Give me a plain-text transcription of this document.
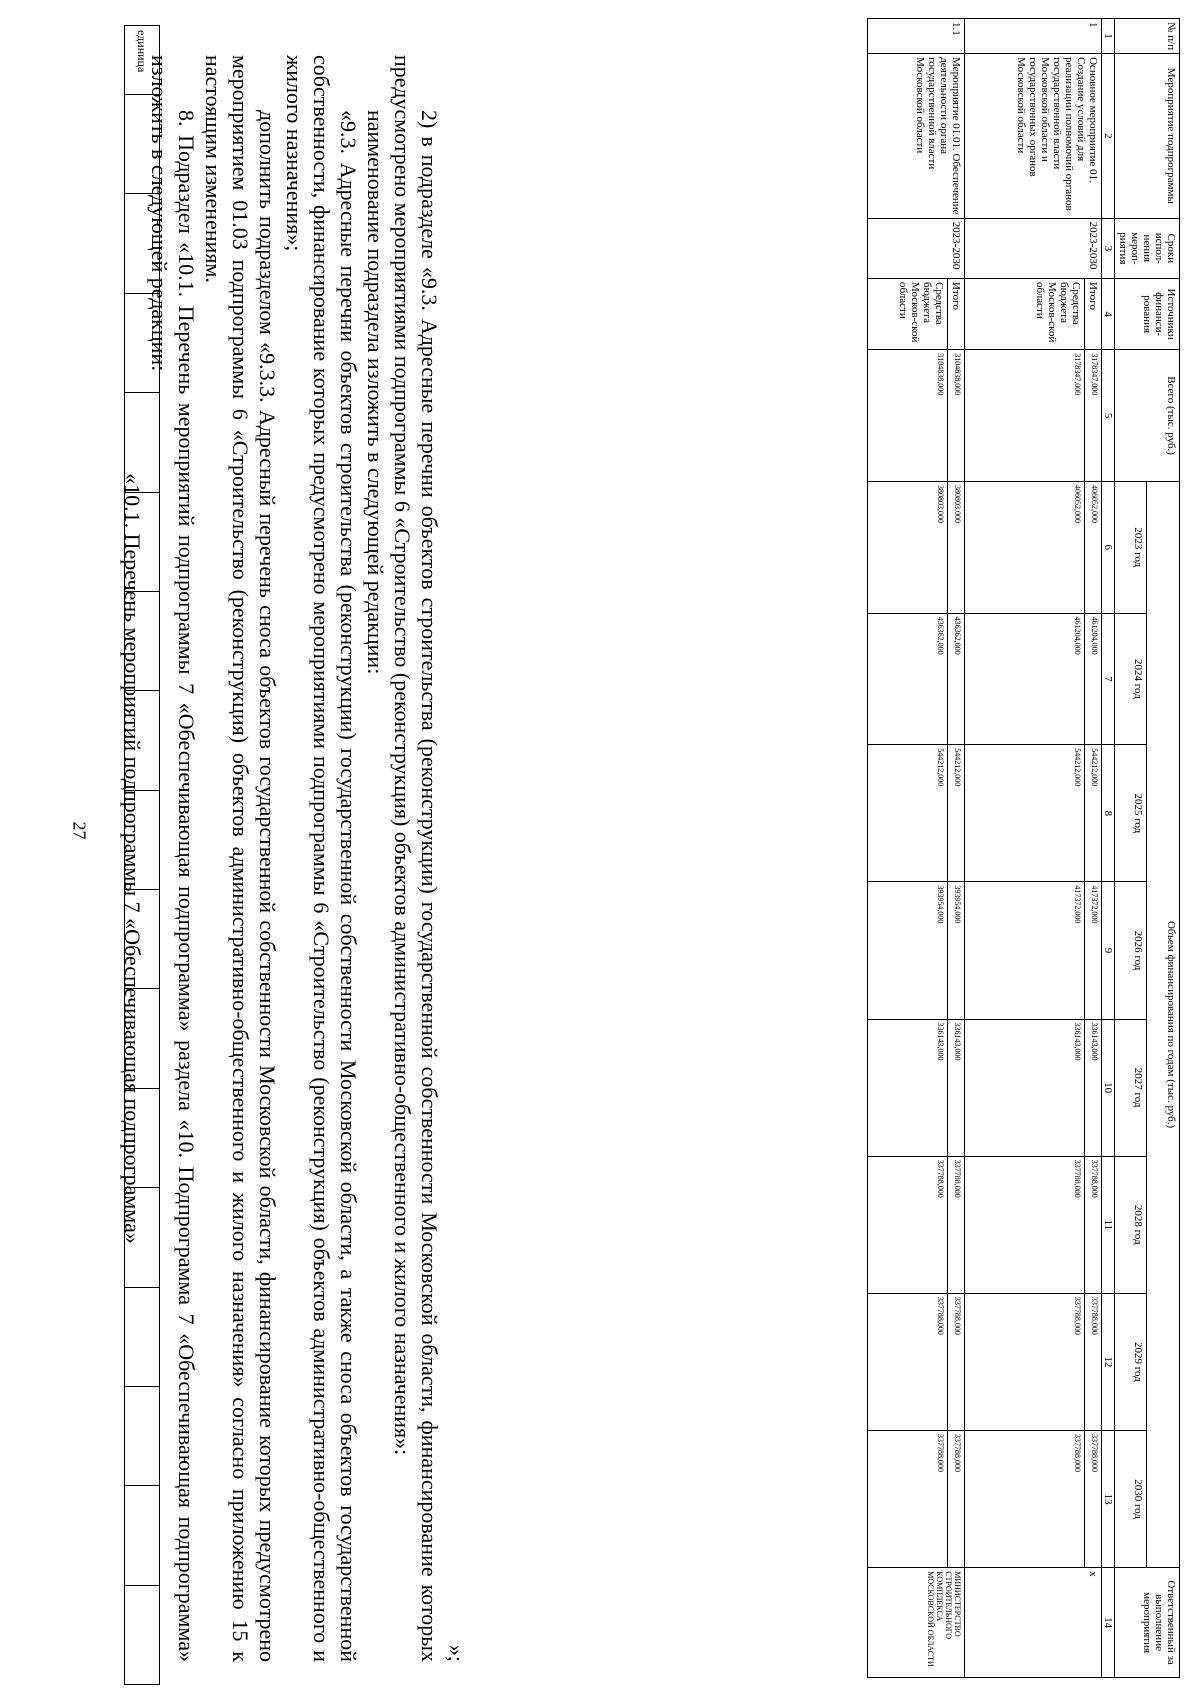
27

»;

2) в подразделе «9.3. Адресные перечни объектов строительства (реконструкции) государственной собственности Московской области, финансирование которых предусмотрено мероприятиями подпрограммы 6 «Строительство (реконструкция) объектов административно-общественного и жилого назначения»:

наименование подраздела изложить в следующей редакции:

«9.3. Адресные перечни объектов строительства (реконструкции) государственной собственности Московской области, а также сноса объектов государственной собственности, финансирование которых предусмотрено мероприятиями подпрограммы 6 «Строительство (реконструкция) объектов административно-общественного и жилого назначения»;

дополнить подразделом «9.3.3. Адресный перечень сноса объектов государственной собственности Московской области, финансирование которых предусмотрено мероприятием 01.03 подпрограммы 6 «Строительство (реконструкция) объектов административно-общественного и жилого назначения» согласно приложению 15 к настоящим изменениям.

8. Подраздел «10.1. Перечень мероприятий подпрограммы 7 «Обеспечивающая подпрограмма» раздела «10. Подпрограмма 7 «Обеспечивающая подпрограмма» изложить в следующей редакции:

«10.1. Перечень мероприятий подпрограммы 7 «Обеспечивающая подпрограмма»

единица																	№ п/п	Мероприятие подпрограммы	Сроки испол-нения мероп-риятия	Источники финанси-рования	Всего (тыс. руб.)	Объем финансирования по годам (тыс. руб.)								Ответственный за выполнение мероприятия
					2023 год	2024 год	2025 год	2026 год	2027 год	2028 год	2029 год	2030 год	
1	2	3	4	5	6	7	8	9	10	11	12	13	14
1	Основное мероприятие 01. Создание условий для реализации полномочий органов государственной власти Московской области и государственных органов Московской области	2023-2030	Итого	3178347,000	406052,000	461204,000	544212,000	417372,000	336143,000	337788,000	337788,000	337788,000	х
			Средства бюджета Москов-ской области	3178347,000	406052,000	461204,000	544212,000	417372,000	336143,000	337788,000	337788,000	337788,000	
1.1	Мероприятие 01.01. Обеспечение деятельности органа государственной власти Московской области	2023-2030	Итого	3104838,000	380803,000	436362,000	544212,000	393954,000	336143,000	337788,000	337788,000	337788,000	МИНИСТЕРСТВО СТРОИТЕЛЬНОГО КОМПЛЕКСА МОСКОВСКОЙ ОБЛАСТИ
			Средства бюджета Москов-ской области	3104838,000	380803,000	436362,000	544212,000	393954,000	336143,000	337788,000	337788,000	337788,000	
